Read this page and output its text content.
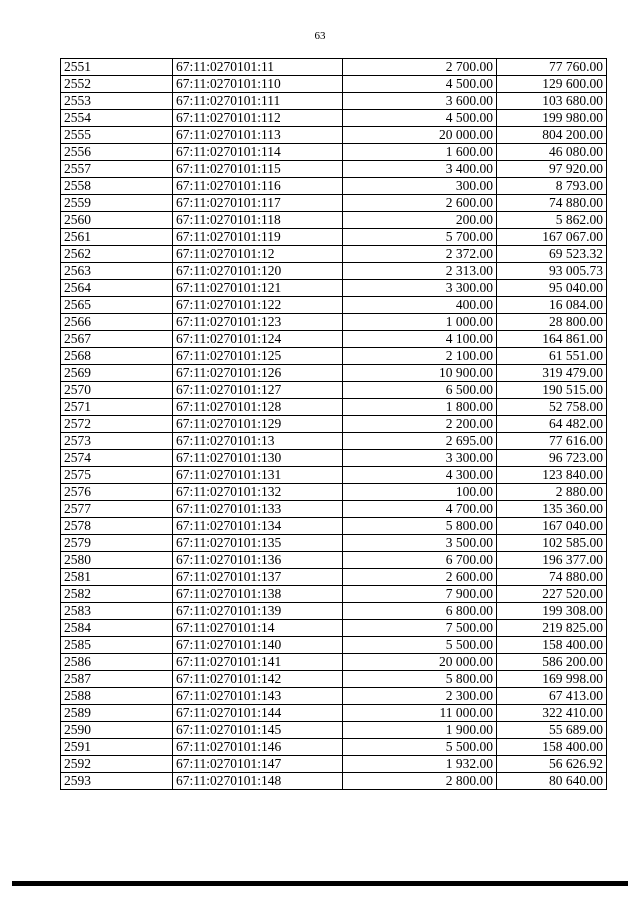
63
2551	67:11:0270101:11	2 700.00	77 760.00
2552	67:11:0270101:110	4 500.00	129 600.00
2553	67:11:0270101:111	3 600.00	103 680.00
2554	67:11:0270101:112	4 500.00	199 980.00
2555	67:11:0270101:113	20 000.00	804 200.00
2556	67:11:0270101:114	1 600.00	46 080.00
2557	67:11:0270101:115	3 400.00	97 920.00
2558	67:11:0270101:116	300.00	8 793.00
2559	67:11:0270101:117	2 600.00	74 880.00
2560	67:11:0270101:118	200.00	5 862.00
2561	67:11:0270101:119	5 700.00	167 067.00
2562	67:11:0270101:12	2 372.00	69 523.32
2563	67:11:0270101:120	2 313.00	93 005.73
2564	67:11:0270101:121	3 300.00	95 040.00
2565	67:11:0270101:122	400.00	16 084.00
2566	67:11:0270101:123	1 000.00	28 800.00
2567	67:11:0270101:124	4 100.00	164 861.00
2568	67:11:0270101:125	2 100.00	61 551.00
2569	67:11:0270101:126	10 900.00	319 479.00
2570	67:11:0270101:127	6 500.00	190 515.00
2571	67:11:0270101:128	1 800.00	52 758.00
2572	67:11:0270101:129	2 200.00	64 482.00
2573	67:11:0270101:13	2 695.00	77 616.00
2574	67:11:0270101:130	3 300.00	96 723.00
2575	67:11:0270101:131	4 300.00	123 840.00
2576	67:11:0270101:132	100.00	2 880.00
2577	67:11:0270101:133	4 700.00	135 360.00
2578	67:11:0270101:134	5 800.00	167 040.00
2579	67:11:0270101:135	3 500.00	102 585.00
2580	67:11:0270101:136	6 700.00	196 377.00
2581	67:11:0270101:137	2 600.00	74 880.00
2582	67:11:0270101:138	7 900.00	227 520.00
2583	67:11:0270101:139	6 800.00	199 308.00
2584	67:11:0270101:14	7 500.00	219 825.00
2585	67:11:0270101:140	5 500.00	158 400.00
2586	67:11:0270101:141	20 000.00	586 200.00
2587	67:11:0270101:142	5 800.00	169 998.00
2588	67:11:0270101:143	2 300.00	67 413.00
2589	67:11:0270101:144	11 000.00	322 410.00
2590	67:11:0270101:145	1 900.00	55 689.00
2591	67:11:0270101:146	5 500.00	158 400.00
2592	67:11:0270101:147	1 932.00	56 626.92
2593	67:11:0270101:148	2 800.00	80 640.00
